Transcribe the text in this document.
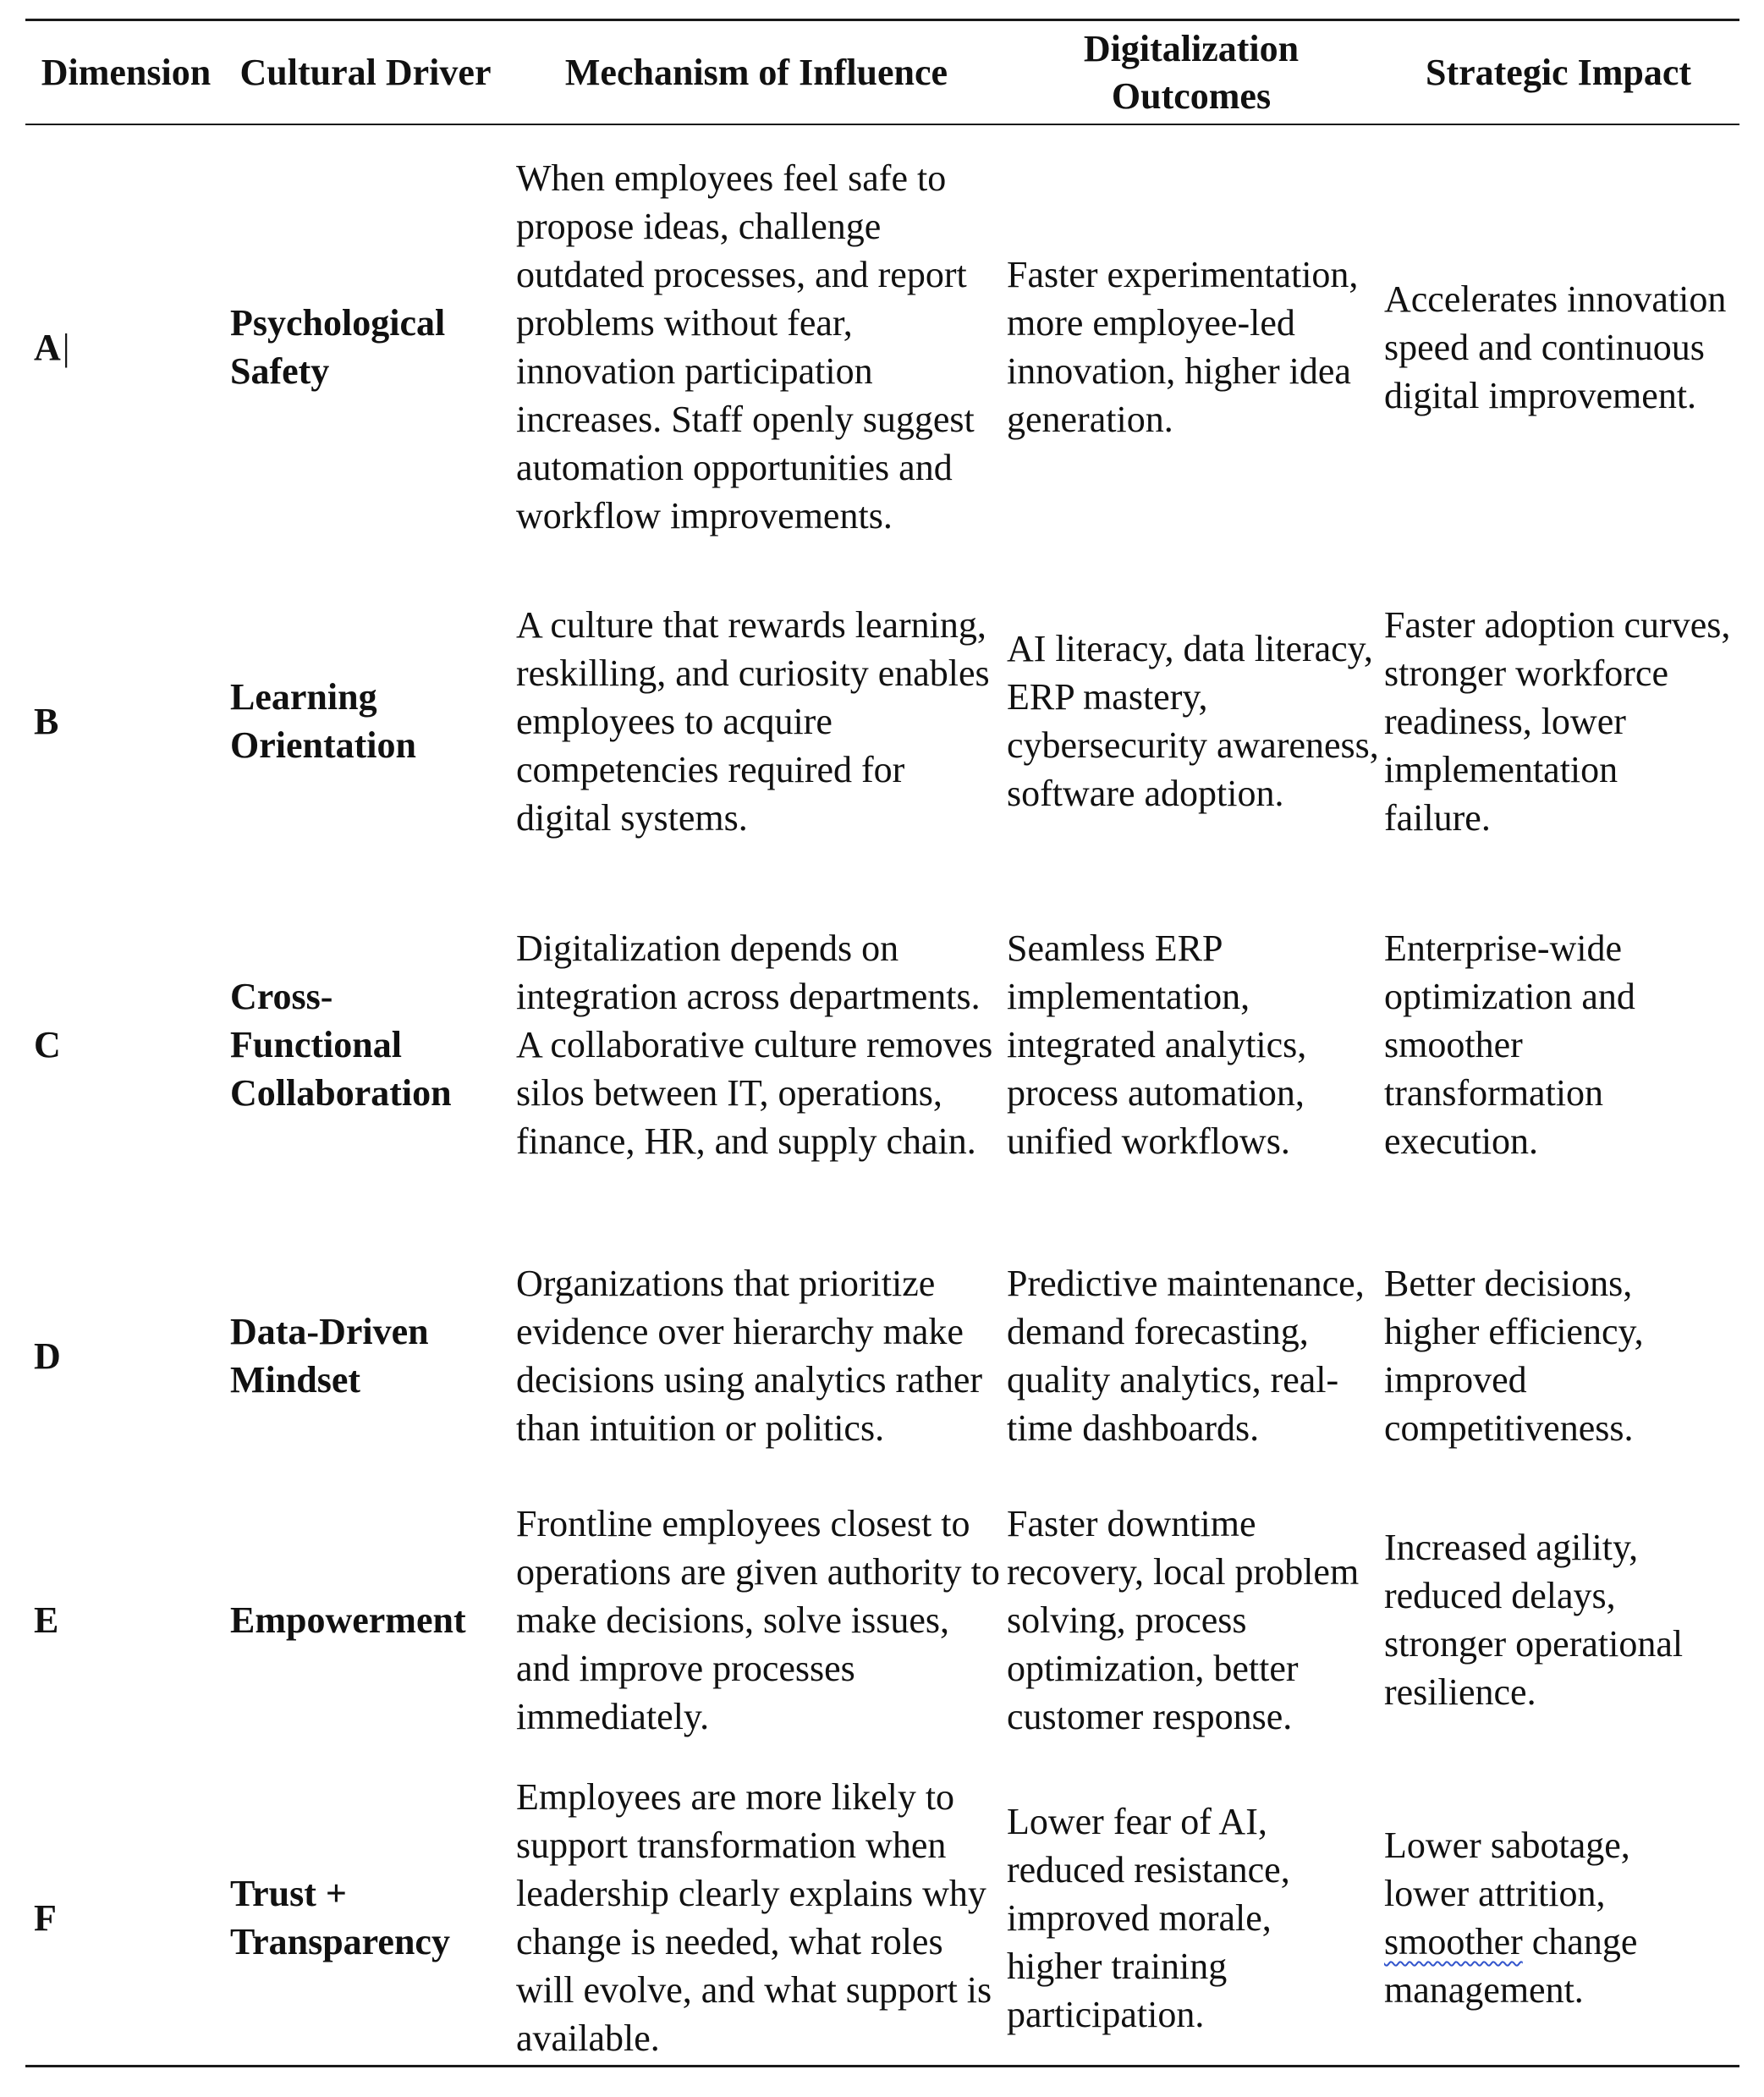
Dimension Cultural Driver	Mechanism of Influence
Digitalization Outcomes
Strategic Impact
A |
Psychological Safety
When employees feel safe to propose ideas, challenge outdated processes, and report problems without fear, innovation participation increases. Staff openly suggest automation opportunities and workflow improvements.
Faster experimentation, more employee-led innovation, higher idea generation.
Accelerates innovation speed and continuous digital improvement.
B
Learning Orientation
A culture that rewards learning, reskilling, and curiosity enables employees to acquire competencies required for digital systems.
AI literacy, data literacy, ERP mastery, cybersecurity awareness, software adoption.
Faster adoption curves, stronger workforce readiness, lower implementation failure.
C
Cross-Functional Collaboration
Digitalization depends on integration across departments. A collaborative culture removes silos between IT, operations, finance, HR, and supply chain.
Seamless ERP implementation, integrated analytics, process automation, unified workflows.
Enterprise-wide optimization and smoother transformation execution.
D
Data-Driven Mindset
Organizations that prioritize evidence over hierarchy make decisions using analytics rather than intuition or politics.
Predictive maintenance, demand forecasting, quality analytics, real-time dashboards.
Better decisions, higher efficiency, improved competitiveness.
E	Empowerment
Frontline employees closest to operations are given authority to make decisions, solve issues, and improve processes immediately.
Faster downtime recovery, local problem solving, process optimization, better customer response.
Increased agility, reduced delays, stronger operational resilience.
F
Trust + Transparency
Employees are more likely to support transformation when leadership clearly explains why change is needed, what roles will evolve, and what support is available.
Lower fear of AI, reduced resistance, improved morale, higher training participation.
Lower sabotage, lower attrition, smoother change management.
